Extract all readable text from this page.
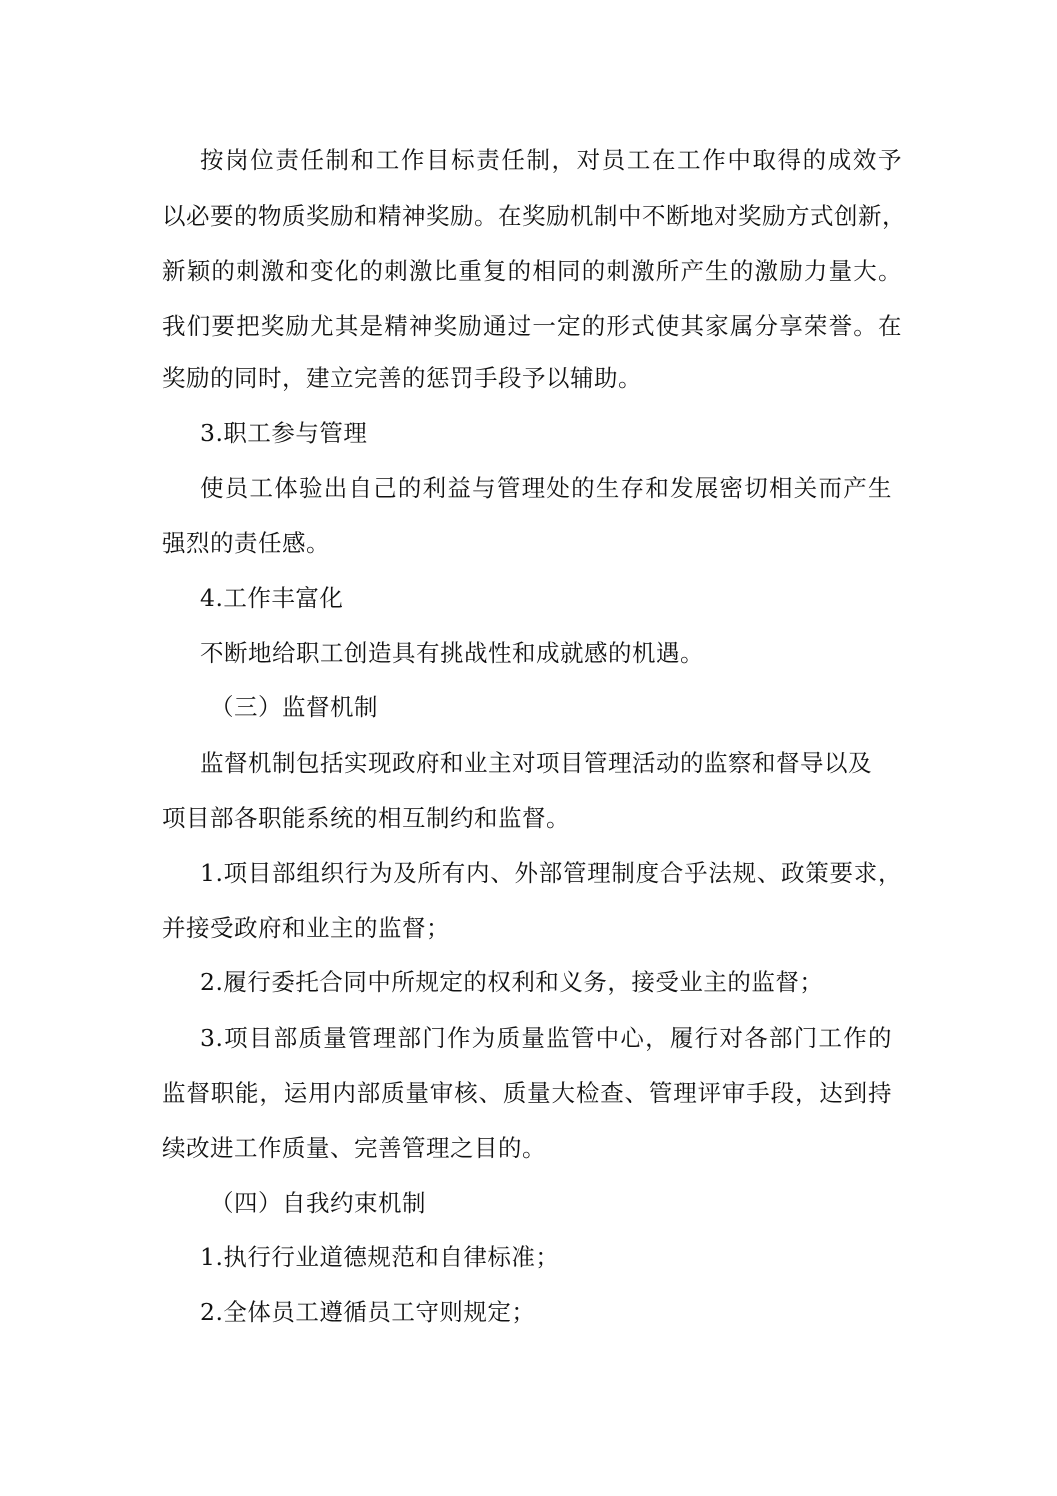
按岗位责任制和工作目标责任制，对员工在工作中取得的成效予
以必要的物质奖励和精神奖励。在奖励机制中不断地对奖励方式创新，
新颖的刺激和变化的刺激比重复的相同的刺激所产生的激励力量大。
我们要把奖励尤其是精神奖励通过一定的形式使其家属分享荣誉。在
奖励的同时，建立完善的惩罚手段予以辅助。
3.职工参与管理
使员工体验出自己的利益与管理处的生存和发展密切相关而产生
强烈的责任感。
4.工作丰富化
不断地给职工创造具有挑战性和成就感的机遇。
（三）监督机制
监督机制包括实现政府和业主对项目管理活动的监察和督导以及
项目部各职能系统的相互制约和监督。
1.项目部组织行为及所有内、外部管理制度合乎法规、政策要求，
并接受政府和业主的监督；
2.履行委托合同中所规定的权利和义务，接受业主的监督；
3.项目部质量管理部门作为质量监管中心，履行对各部门工作的
监督职能，运用内部质量审核、质量大检查、管理评审手段，达到持
续改进工作质量、完善管理之目的。
（四）自我约束机制
1.执行行业道德规范和自律标准；
2.全体员工遵循员工守则规定；
